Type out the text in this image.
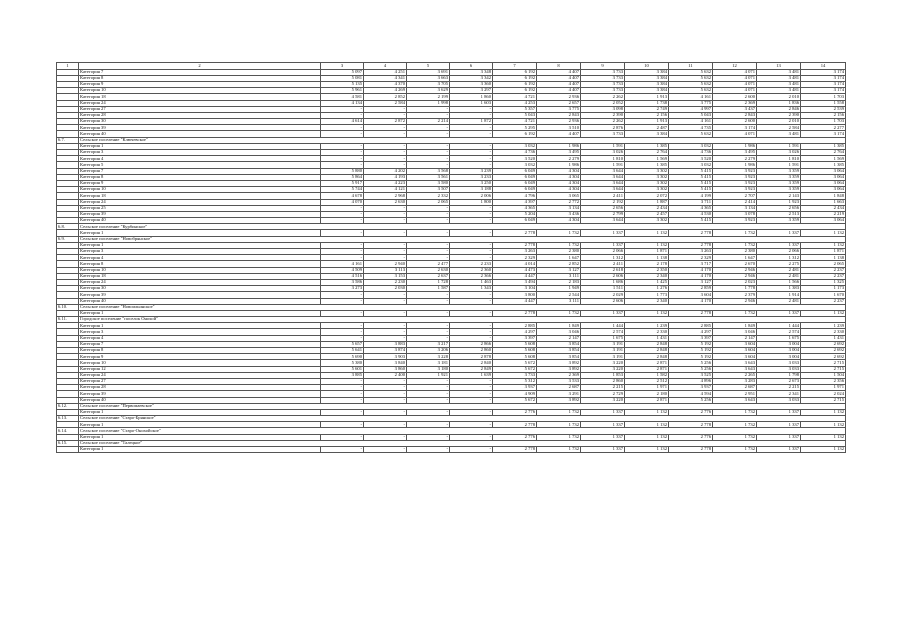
1	2	3	4	5	6	7	8	9	10	11	12	13	14
	Категория 7	5 097	4 251	3 691	3 348	6 192	4 407	3 733	3 384	5 632	4 071	3 481	3 174
	Категория 8	5 081	4 341	3 663	3 342	6 192	4 407	3 733	3 384	5 632	4 071	3 481	3 174
	Категория 9	5 135	4 370	3 705	3 360	6 192	4 407	3 733	3 384	5 632	4 071	3 481	3 174
	Категория 10	5 961	4 269	3 629	3 297	6 192	4 407	3 733	3 384	5 632	4 071	3 481	3 174
	Категория 18	4 581	2 852	2 199	1 860	4 721	2 936	2 262	1 913	4 161	2 600	2 010	1 703
	Категория 24	4 134	2 584	1 998	1 603	4 253	2 657	2 052	1 738	3 775	2 369	1 836	1 558
	Категория 27	-	-	-	-	5 357	3 775	3 098	2 749	4 997	3 437	2 846	2 539
	Категория 28	-	-	-	-	5 043	2 843	2 390	2 156	5 043	2 843	2 390	2 156
	Категория 30	4 614	2 872	2 214	1 872	4 721	2 936	2 262	1 913	4 161	2 600	2 010	1 703
	Категория 39	-	-	-	-	5 295	3 510	2 876	2 487	4 735	3 174	2 584	2 277
	Категория 40	-	-	-	-	6 192	4 407	3 733	3 384	5 632	4 071	3 481	3 174
6.7.	Сельское поселение "Ключевское"												
	Категория 1	-	-	-	-	3 032	1 986	1 591	1 385	3 032	1 986	1 591	1 385
	Категория 3	-	-	-	-	4 736	3 495	3 026	2 764	4 736	3 495	3 026	2 764
	Категория 4	-	-	-	-	3 520	2 279	1 810	1 569	3 520	2 279	1 810	1 569
	Категория 5	-	-	-	-	3 032	1 986	1 591	1 385	3 032	1 986	1 591	1 385
	Категория 7	5 880	4 202	3 568	3 239	6 049	4 304	3 644	3 302	5 415	3 923	3 359	3 064
	Категория 8	5 864	4 193	3 561	3 233	6 049	4 304	3 644	3 302	5 415	3 923	3 359	3 064
	Категория 9	5 917	4 223	3 580	3 250	6 049	4 304	3 644	3 302	5 415	3 923	3 359	3 064
	Категория 10	5 744	4 121	3 507	3 188	6 049	4 304	3 644	3 302	5 415	3 923	3 359	3 064
	Категория 18	4 678	2 968	2 332	2 006	4 796	3 065	2 411	2 072	4 199	2 707	2 143	1 848
	Категория 24	4 070	2 630	2 065	1 800	4 397	2 772	2 192	1 887	3 711	2 414	1 923	1 663
	Категория 25	-	-	-	-	4 365	3 134	2 656	2 434	4 365	3 134	2 656	2 434
	Категория 39	-	-	-	-	5 204	3 436	2 799	2 457	4 530	3 078	2 513	2 219
	Категория 40	-	-	-	-	6 049	4 304	3 644	3 302	5 415	3 923	3 359	3 064
6.8.	Сельское поселение "Курбинское"												
	Категория 1	-	-	-	-	2 778	1 732	1 337	1 132	2 778	1 732	1 337	1 132
6.9.	Сельское поселение "Новобрянское"												
	Категория 1	-	-	-	-	2 778	1 732	1 337	1 132	2 778	1 732	1 337	1 132
	Категория 3	-	-	-	-	3 263	2 380	2 066	1 871	3 263	2 380	2 066	1 871
	Категория 4	-	-	-	-	2 329	1 647	1 312	1 138	2 329	1 647	1 312	1 138
	Категория 8	4 161	2 940	2 477	2 233	4 014	2 852	2 411	2 178	3 717	2 670	2 275	2 065
	Категория 10	4 509	3 113	2 630	2 360	4 473	3 127	2 618	2 350	4 170	2 946	2 481	2 237
	Категория 18	4 516	3 153	2 637	2 366	4 447	3 111	2 606	2 340	4 170	2 946	2 481	2 237
	Категория 24	3 586	2 230	1 728	1 463	3 494	2 183	1 686	1 425	3 127	2 023	1 566	1 325
	Категория 30	3 273	2 030	1 587	1 343	3 104	1 949	1 511	1 276	2 859	1 778	1 383	1 173
	Категория 39	-	-	-	-	3 800	2 544	2 029	1 773	3 604	2 379	1 914	1 670
	Категория 40	-	-	-	-	4 447	3 111	2 606	2 340	4 170	2 946	2 481	2 237
6.10.	Сельское поселение "Новоильинское"												
	Категория 1	-	-	-	-	2 778	1 732	1 337	1 132	2 778	1 732	1 337	1 132
6.11.	Городское поселение "поселок Онохой"												
	Категория 1	-	-	-	-	2 885	1 849	1 444	1 239	2 885	1 849	1 444	1 239
	Категория 3	-	-	-	-	4 297	3 046	2 574	2 330	4 297	3 046	2 574	2 330
	Категория 4	-	-	-	-	3 397	2 147	1 675	1 431	3 397	2 147	1 675	1 431
	Категория 7	5 657	3 883	3 217	2 866	5 608	3 854	3 191	2 848	5 192	3 604	3 004	2 692
	Категория 8	5 641	3 874	3 206	2 860	5 608	3 854	3 191	2 848	5 192	3 604	3 004	2 692
	Категория 9	5 690	3 903	3 228	2 878	5 608	3 854	3 191	2 848	5 192	3 604	3 004	2 692
	Категория 10	5 380	3 840	3 181	2 840	5 672	3 892	3 220	2 871	5 256	3 643	3 033	2 715
	Категория 12	5 601	3 860	3 180	2 849	5 672	3 892	3 220	2 871	5 256	3 643	3 033	2 715
	Категория 24	3 885	2 400	1 921	1 639	3 733	2 369	1 853	1 582	3 525	2 265	1 798	1 504
	Категория 27	-	-	-	-	5 312	3 533	2 860	2 512	4 896	3 283	2 673	2 356
	Категория 28	-	-	-	-	3 937	2 687	2 215	1 971	3 937	2 687	2 215	1 971
	Категория 39	-	-	-	-	4 909	3 291	2 729	2 180	4 594	2 951	2 341	2 024
	Категория 40	-	-	-	-	5 672	3 892	3 220	2 871	5 256	3 643	3 033	2 715
6.12.	Сельское поселение "Первомаевское"												
	Категория 1	-	-	-	-	2 776	1 732	1 337	1 132	2 776	1 732	1 337	1 132
6.13.	Сельское поселение "Старо-Брянское"												
	Категория 1	-	-	-	-	2 778	1 732	1 337	1 132	2 778	1 732	1 337	1 132
6.14.	Сельское поселение "Старо-Онохойское"												
	Категория 1	-	-	-	-	2 776	1 732	1 337	1 132	2 776	1 732	1 337	1 132
6.15.	Сельское поселение "Талецкое"												
	Категория 1	-	-	-	-	2 778	1 732	1 337	1 132	2 778	1 732	1 337	1 132
